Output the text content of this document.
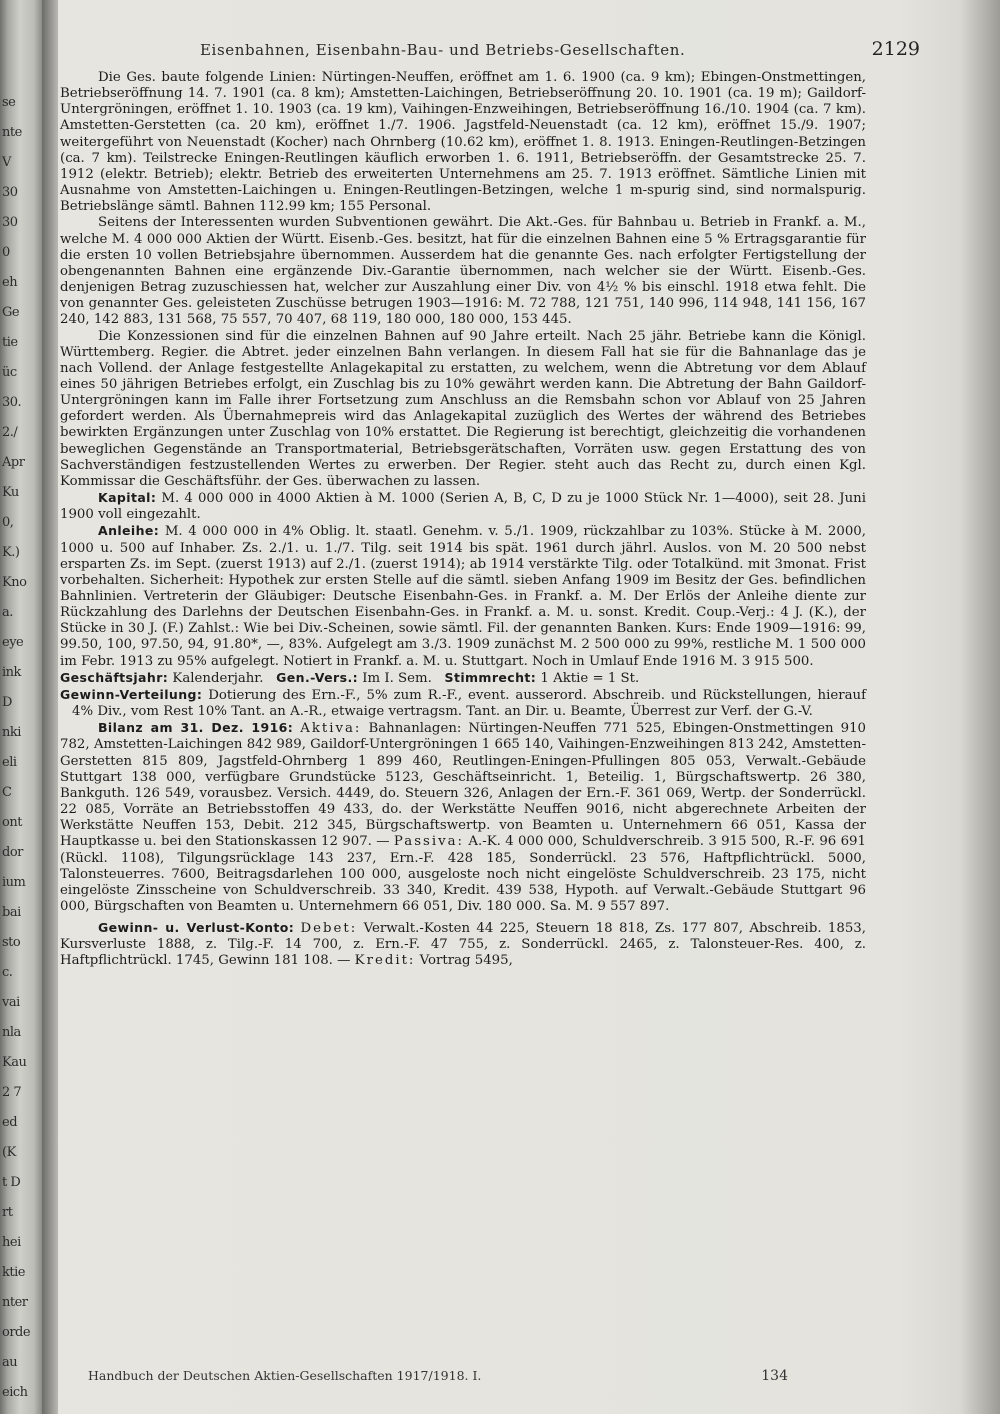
se
nte
V
30
30
0
eh
Ge
tie
üc
30.
2./
Apr
Ku
0,
K.)
Kno
a.
eye
ink
D
nki
eli
C
ont
dor
ium
bai
sto
c.
vai
nla
Kau
2 7
ed
(K
t D
rt
hei
ktie
nter
orde
au
eich
Eisenbahnen, Eisenbahn-Bau- und Betriebs-Gesellschaften.	2129

Die Ges. baute folgende Linien: Nürtingen-Neuffen, eröffnet am 1. 6. 1900 (ca. 9 km); Ebingen-Onstmettingen, Betriebseröffnung 14. 7. 1901 (ca. 8 km); Amstetten-Laichingen, Betriebseröffnung 20. 10. 1901 (ca. 19 m); Gaildorf-Untergröningen, eröffnet 1. 10. 1903 (ca. 19 km), Vaihingen-Enzweihingen, Betriebseröffnung 16./10. 1904 (ca. 7 km). Amstetten-Gerstetten (ca. 20 km), eröffnet 1./7. 1906. Jagstfeld-Neuenstadt (ca. 12 km), eröffnet 15./9. 1907; weitergeführt von Neuenstadt (Kocher) nach Ohrnberg (10.62 km), eröffnet 1. 8. 1913. Eningen-Reutlingen-Betzingen (ca. 7 km). Teilstrecke Eningen-Reutlingen käuflich erworben 1. 6. 1911, Betriebseröffn. der Gesamtstrecke 25. 7. 1912 (elektr. Betrieb); elektr. Betrieb des erweiterten Unternehmens am 25. 7. 1913 eröffnet. Sämtliche Linien mit Ausnahme von Amstetten-Laichingen u. Eningen-Reutlingen-Betzingen, welche 1 m-spurig sind, sind normalspurig. Betriebslänge sämtl. Bahnen 112.99 km; 155 Personal.

Seitens der Interessenten wurden Subventionen gewährt. Die Akt.-Ges. für Bahnbau u. Betrieb in Frankf. a. M., welche M. 4 000 000 Aktien der Württ. Eisenb.-Ges. besitzt, hat für die einzelnen Bahnen eine 5 % Ertragsgarantie für die ersten 10 vollen Betriebsjahre übernommen. Ausserdem hat die genannte Ges. nach erfolgter Fertigstellung der obengenannten Bahnen eine ergänzende Div.-Garantie übernommen, nach welcher sie der Württ. Eisenb.-Ges. denjenigen Betrag zuzuschiessen hat, welcher zur Auszahlung einer Div. von 4½ % bis einschl. 1918 etwa fehlt. Die von genannter Ges. geleisteten Zuschüsse betrugen 1903—1916: M. 72 788, 121 751, 140 996, 114 948, 141 156, 167 240, 142 883, 131 568, 75 557, 70 407, 68 119, 180 000, 180 000, 153 445.

Die Konzessionen sind für die einzelnen Bahnen auf 90 Jahre erteilt. Nach 25 jähr. Betriebe kann die Königl. Württemberg. Regier. die Abtret. jeder einzelnen Bahn verlangen. In diesem Fall hat sie für die Bahnanlage das je nach Vollend. der Anlage festgestellte Anlagekapital zu erstatten, zu welchem, wenn die Abtretung vor dem Ablauf eines 50 jährigen Betriebes erfolgt, ein Zuschlag bis zu 10% gewährt werden kann. Die Abtretung der Bahn Gaildorf-Untergröningen kann im Falle ihrer Fortsetzung zum Anschluss an die Remsbahn schon vor Ablauf von 25 Jahren gefordert werden. Als Übernahmepreis wird das Anlagekapital zuzüglich des Wertes der während des Betriebes bewirkten Ergänzungen unter Zuschlag von 10% erstattet. Die Regierung ist berechtigt, gleichzeitig die vorhandenen beweglichen Gegenstände an Transportmaterial, Betriebsgerätschaften, Vorräten usw. gegen Erstattung des von Sachverständigen festzustellenden Wertes zu erwerben. Der Regier. steht auch das Recht zu, durch einen Kgl. Kommissar die Geschäftsführ. der Ges. überwachen zu lassen.

Kapital: M. 4 000 000 in 4000 Aktien à M. 1000 (Serien A, B, C, D zu je 1000 Stück Nr. 1—4000), seit 28. Juni 1900 voll eingezahlt.

Anleihe: M. 4 000 000 in 4% Oblig. lt. staatl. Genehm. v. 5./1. 1909, rückzahlbar zu 103%. Stücke à M. 2000, 1000 u. 500 auf Inhaber. Zs. 2./1. u. 1./7. Tilg. seit 1914 bis spät. 1961 durch jährl. Auslos. von M. 20 500 nebst ersparten Zs. im Sept. (zuerst 1913) auf 2./1. (zuerst 1914); ab 1914 verstärkte Tilg. oder Totalkünd. mit 3monat. Frist vorbehalten. Sicherheit: Hypothek zur ersten Stelle auf die sämtl. sieben Anfang 1909 im Besitz der Ges. befindlichen Bahnlinien. Vertreterin der Gläubiger: Deutsche Eisenbahn-Ges. in Frankf. a. M. Der Erlös der Anleihe diente zur Rückzahlung des Darlehns der Deutschen Eisenbahn-Ges. in Frankf. a. M. u. sonst. Kredit. Coup.-Verj.: 4 J. (K.), der Stücke in 30 J. (F.) Zahlst.: Wie bei Div.-Scheinen, sowie sämtl. Fil. der genannten Banken. Kurs: Ende 1909—1916: 99, 99.50, 100, 97.50, 94, 91.80*, —, 83%. Aufgelegt am 3./3. 1909 zunächst M. 2 500 000 zu 99%, restliche M. 1 500 000 im Febr. 1913 zu 95% aufgelegt. Notiert in Frankf. a. M. u. Stuttgart. Noch in Umlauf Ende 1916 M. 3 915 500.

Geschäftsjahr: Kalenderjahr. Gen.-Vers.: Im I. Sem. Stimmrecht: 1 Aktie = 1 St.

Gewinn-Verteilung: Dotierung des Ern.-F., 5% zum R.-F., event. ausserord. Abschreib. und Rückstellungen, hierauf 4% Div., vom Rest 10% Tant. an A.-R., etwaige vertragsm. Tant. an Dir. u. Beamte, Überrest zur Verf. der G.-V.

Bilanz am 31. Dez. 1916: Aktiva: Bahnanlagen: Nürtingen-Neuffen 771 525, Ebingen-Onstmettingen 910 782, Amstetten-Laichingen 842 989, Gaildorf-Untergröningen 1 665 140, Vaihingen-Enzweihingen 813 242, Amstetten-Gerstetten 815 809, Jagstfeld-Ohrnberg 1 899 460, Reutlingen-Eningen-Pfullingen 805 053, Verwalt.-Gebäude Stuttgart 138 000, verfügbare Grundstücke 5123, Geschäftseinricht. 1, Beteilig. 1, Bürgschaftswertp. 26 380, Bankguth. 126 549, vorausbez. Versich. 4449, do. Steuern 326, Anlagen der Ern.-F. 361 069, Wertp. der Sonderrückl. 22 085, Vorräte an Betriebsstoffen 49 433, do. der Werkstätte Neuffen 9016, nicht abgerechnete Arbeiten der Werkstätte Neuffen 153, Debit. 212 345, Bürgschaftswertp. von Beamten u. Unternehmern 66 051, Kassa der Hauptkasse u. bei den Stationskassen 12 907. — Passiva: A.-K. 4 000 000, Schuldverschreib. 3 915 500, R.-F. 96 691 (Rückl. 1108), Tilgungsrücklage 143 237, Ern.-F. 428 185, Sonderrückl. 23 576, Haftpflichtrückl. 5000, Talonsteuerres. 7600, Beitragsdarlehen 100 000, ausgeloste noch nicht eingelöste Schuldverschreib. 23 175, nicht eingelöste Zinsscheine von Schuldverschreib. 33 340, Kredit. 439 538, Hypoth. auf Verwalt.-Gebäude Stuttgart 96 000, Bürgschaften von Beamten u. Unternehmern 66 051, Div. 180 000. Sa. M. 9 557 897.

Gewinn- u. Verlust-Konto: Debet: Verwalt.-Kosten 44 225, Steuern 18 818, Zs. 177 807, Abschreib. 1853, Kursverluste 1888, z. Tilg.-F. 14 700, z. Ern.-F. 47 755, z. Sonderrückl. 2465, z. Talonsteuer-Res. 400, z. Haftpflichtrückl. 1745, Gewinn 181 108. — Kredit: Vortrag 5495,

Handbuch der Deutschen Aktien-Gesellschaften 1917/1918. I.	134
